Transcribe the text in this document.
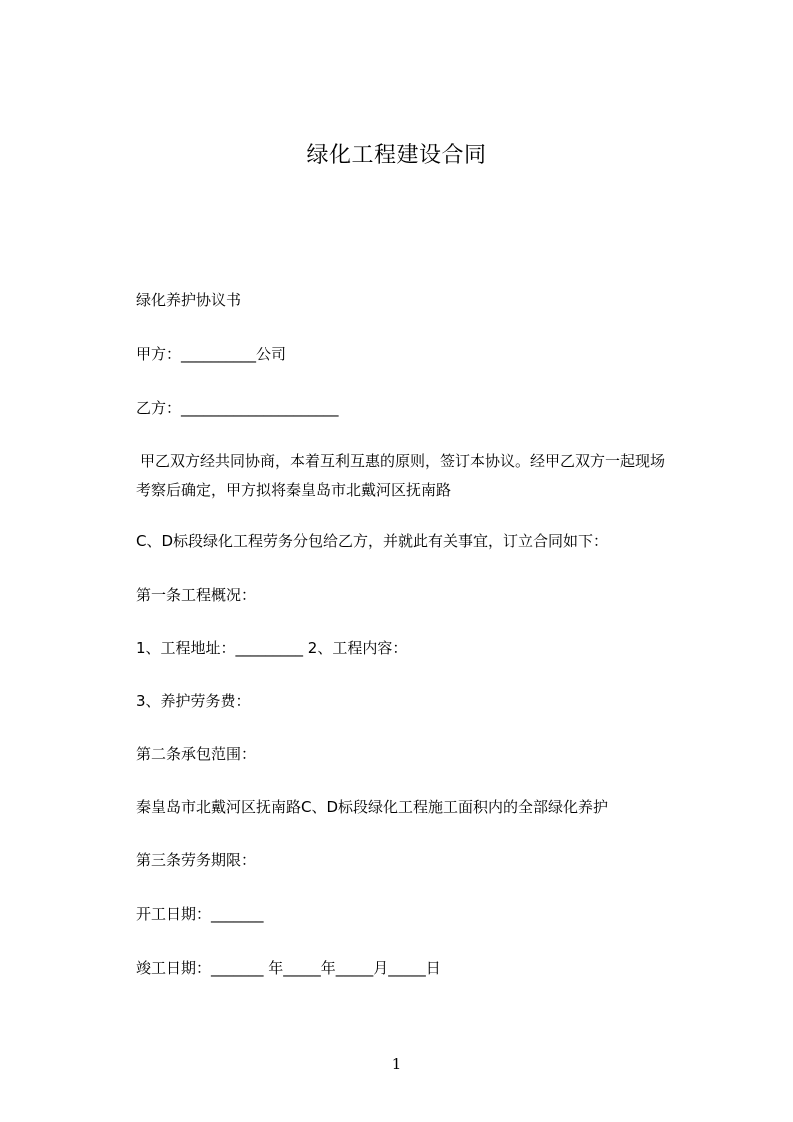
绿化工程建设合同
绿化养护协议书
甲方：__________公司
乙方：_____________________
甲乙双方经共同协商，本着互利互惠的原则，签订本协议。经甲乙双方一起现场考察后确定，甲方拟将秦皇岛市北戴河区抚南路
C、D标段绿化工程劳务分包给乙方，并就此有关事宜，订立合同如下：
第一条工程概况：
1、工程地址：_________ 2、工程内容：
3、养护劳务费：
第二条承包范围：
秦皇岛市北戴河区抚南路C、D标段绿化工程施工面积内的全部绿化养护
第三条劳务期限：
开工日期：_______
竣工日期：_______ 年_____年_____月_____日
1
